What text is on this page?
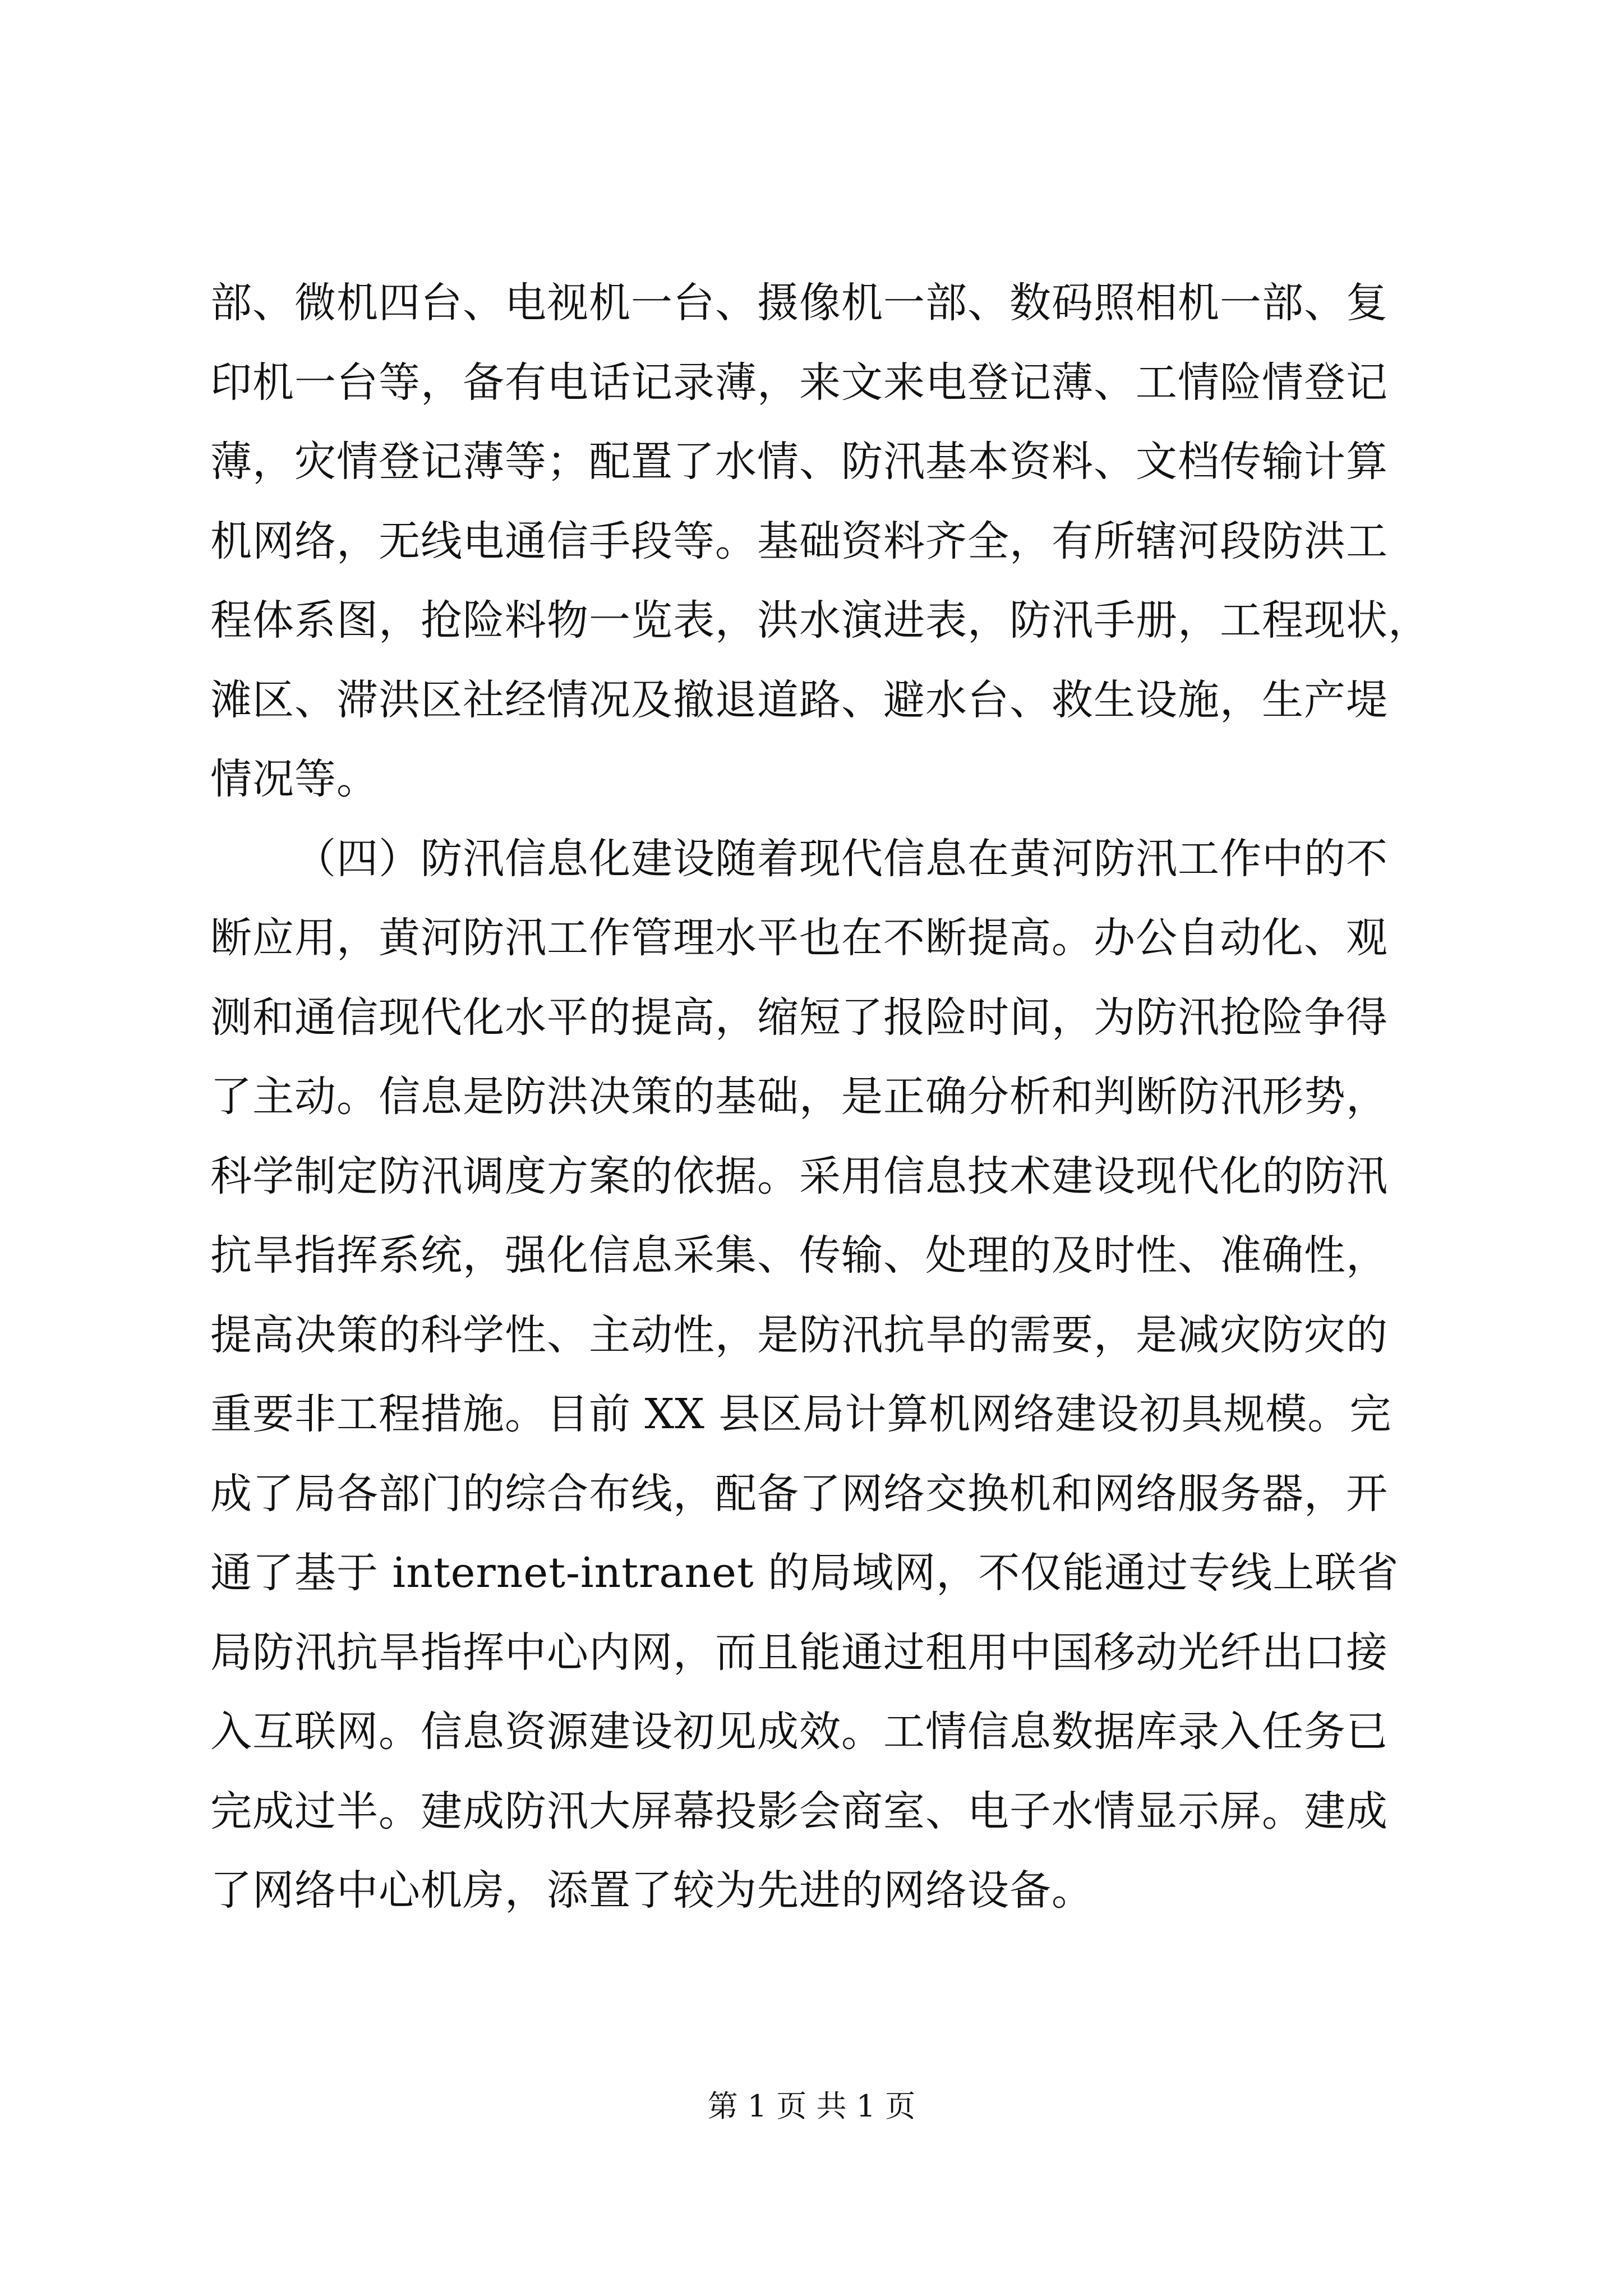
部、微机四台、电视机一台、摄像机一部、数码照相机一部、复
印机一台等，备有电话记录薄，来文来电登记薄、工情险情登记
薄，灾情登记薄等；配置了水情、防汛基本资料、文档传输计算
机网络，无线电通信手段等。基础资料齐全，有所辖河段防洪工
程体系图，抢险料物一览表，洪水演进表，防汛手册，工程现状，
滩区、滞洪区社经情况及撤退道路、避水台、救生设施，生产堤
情况等。
（四）防汛信息化建设随着现代信息在黄河防汛工作中的不
断应用，黄河防汛工作管理水平也在不断提高。办公自动化、观
测和通信现代化水平的提高，缩短了报险时间，为防汛抢险争得
了主动。信息是防洪决策的基础，是正确分析和判断防汛形势，
科学制定防汛调度方案的依据。采用信息技术建设现代化的防汛
抗旱指挥系统，强化信息采集、传输、处理的及时性、准确性，
提高决策的科学性、主动性，是防汛抗旱的需要，是减灾防灾的
重要非工程措施。目前 XX 县区局计算机网络建设初具规模。完
成了局各部门的综合布线，配备了网络交换机和网络服务器，开
通了基于 internet-intranet 的局域网，不仅能通过专线上联省
局防汛抗旱指挥中心内网，而且能通过租用中国移动光纤出口接
入互联网。信息资源建设初见成效。工情信息数据库录入任务已
完成过半。建成防汛大屏幕投影会商室、电子水情显示屏。建成
了网络中心机房，添置了较为先进的网络设备。
第 1 页 共 1 页
